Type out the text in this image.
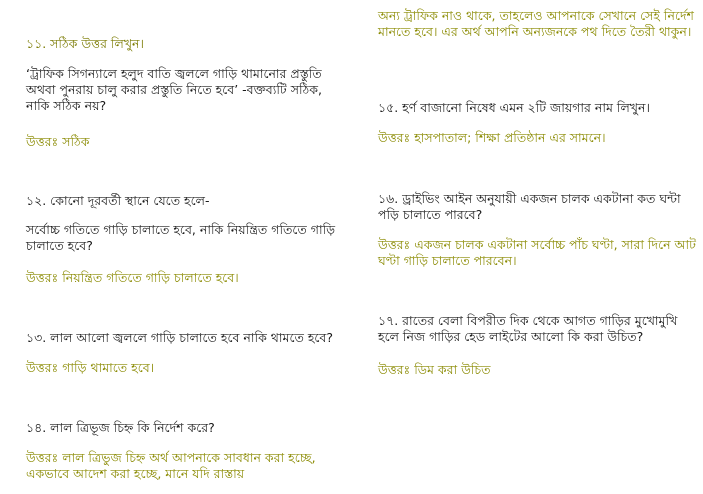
১১. সঠিক উত্তর লিখুন।

‘ট্রাফিক সিগন্যালে হলুদ বাতি জ্বললে গাড়ি থামানোর প্রস্তুতি অথবা পুনরায় চালু করার প্রস্তুতি নিতে হবে’ -বক্তব্যটি সঠিক, নাকি সঠিক নয়?

উত্তরঃ সঠিক

১২. কোনো দূরবর্তী স্থানে যেতে হলে-

সর্বোচ্চ গতিতে গাড়ি চালাতে হবে, নাকি নিয়ন্ত্রিত গতিতে গাড়ি চালাতে হবে?

উত্তরঃ নিয়ন্ত্রিত গতিতে গাড়ি চালাতে হবে।

১৩. লাল আলো জ্বললে গাড়ি চালাতে হবে নাকি থামতে হবে?

উত্তরঃ গাড়ি থামাতে হবে।

১৪. লাল ত্রিভূজ চিহ্ন কি নির্দেশ করে?

উত্তরঃ লাল ত্রিভুজ চিহ্ন অর্থ আপনাকে সাবধান করা হচ্ছে, একভাবে আদেশ করা হচ্ছে, মানে যদি রাস্তায়

অন্য ট্রাফিক নাও থাকে, তাহলেও আপনাকে সেখানে সেই নির্দেশ মানতে হবে। এর অর্থ আপনি অন্যজনকে পথ দিতে তৈরী থাকুন।

১৫. হর্ণ বাজানো নিষেধ এমন ২টি জায়গার নাম লিখুন।

উত্তরঃ হাসপাতাল; শিক্ষা প্রতিষ্ঠান এর সামনে।

১৬. ড্রাইভিং আইন অনুযায়ী একজন চালক একটানা কত ঘন্টা পড়ি চালাতে পারবে?

উত্তরঃ একজন চালক একটানা সর্বোচ্চ পাঁচ ঘণ্টা, সারা দিনে আট ঘণ্টা গাড়ি চালাতে পারবেন।

১৭. রাতের বেলা বিপরীত দিক থেকে আগত গাড়ির মুখোমুখি হলে নিজ গাড়ির হেড লাইটের আলো কি করা উচিত?

উত্তরঃ ডিম করা উচিত
